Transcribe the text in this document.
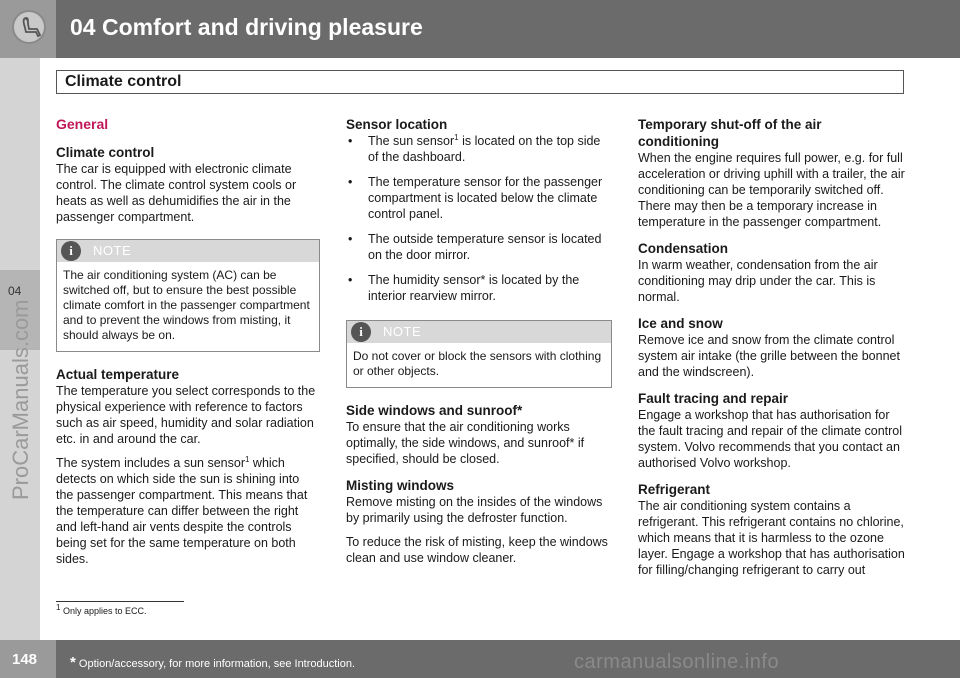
04 Comfort and driving pleasure
Climate control
04
ProCarManuals.com
General
Climate control
The car is equipped with electronic climate control. The climate control system cools or heats as well as dehumidifies the air in the passenger compartment.
i	NOTE
The air conditioning system (AC) can be switched off, but to ensure the best possible climate comfort in the passenger compartment and to prevent the windows from misting, it should always be on.
Actual temperature
The temperature you select corresponds to the physical experience with reference to factors such as air speed, humidity and solar radiation etc. in and around the car.
The system includes a sun sensor$^1$ which detects on which side the sun is shining into the passenger compartment. This means that the temperature can differ between the right and left-hand air vents despite the controls being set for the same temperature on both sides.
Sensor location
• The sun sensor$^1$ is located on the top side of the dashboard.
• The temperature sensor for the passenger compartment is located below the climate control panel.
• The outside temperature sensor is located on the door mirror.
• The humidity sensor* is located by the interior rearview mirror.
i	NOTE
Do not cover or block the sensors with clothing or other objects.
Side windows and sunroof*
To ensure that the air conditioning works optimally, the side windows, and sunroof* if specified, should be closed.
Misting windows
Remove misting on the insides of the windows by primarily using the defroster function.
To reduce the risk of misting, keep the windows clean and use window cleaner.
Temporary shut-off of the air conditioning
When the engine requires full power, e.g. for full acceleration or driving uphill with a trailer, the air conditioning can be temporarily switched off. There may then be a temporary increase in temperature in the passenger compartment.
Condensation
In warm weather, condensation from the air conditioning may drip under the car. This is normal.
Ice and snow
Remove ice and snow from the climate control system air intake (the grille between the bonnet and the windscreen).
Fault tracing and repair
Engage a workshop that has authorisation for the fault tracing and repair of the climate control system. Volvo recommends that you contact an authorised Volvo workshop.
Refrigerant
The air conditioning system contains a refrigerant. This refrigerant contains no chlorine, which means that it is harmless to the ozone layer. Engage a workshop that has authorisation for filling/changing refrigerant to carry out
$^1$ Only applies to ECC.
148 * Option/accessory, for more information, see Introduction.	carmanualsonline.info
